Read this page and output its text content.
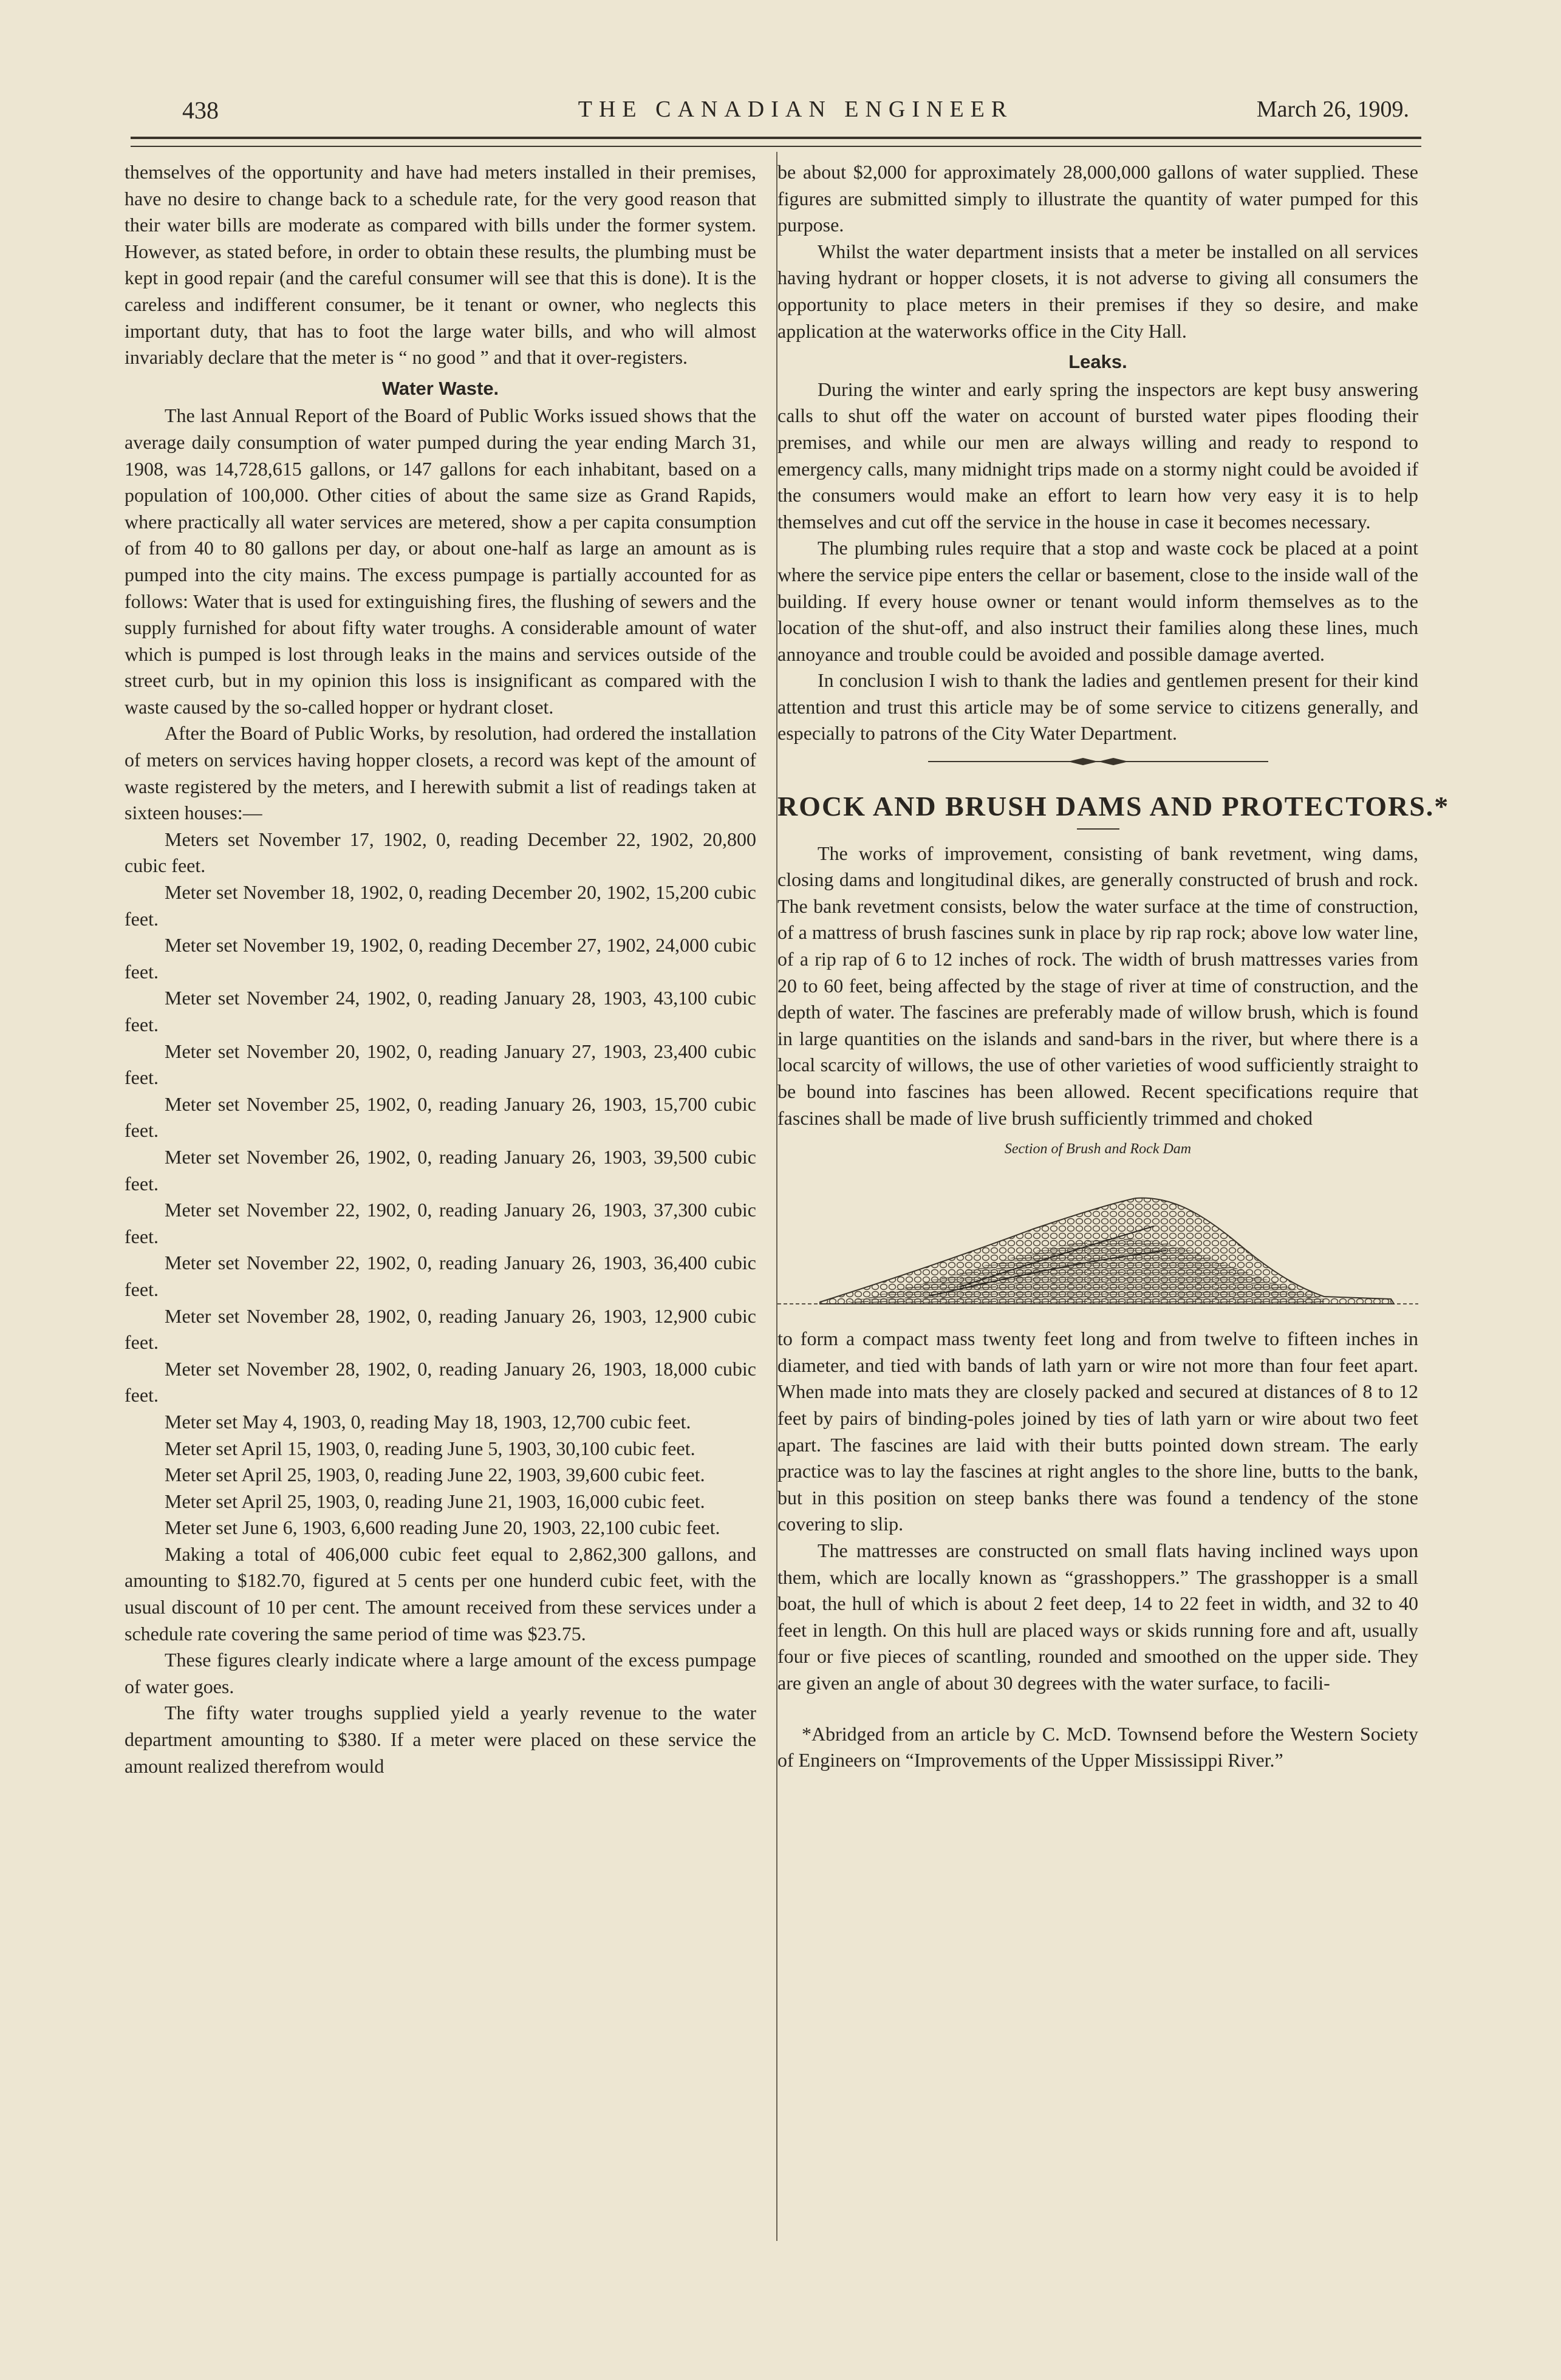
438	THE CANADIAN ENGINEER	March 26, 1909.

themselves of the opportunity and have had meters installed in their premises, have no desire to change back to a schedule rate, for the very good reason that their water bills are moderate as compared with bills under the former system. However, as stated before, in order to obtain these results, the plumbing must be kept in good repair (and the careful consumer will see that this is done). It is the careless and indifferent consumer, be it tenant or owner, who neglects this important duty, that has to foot the large water bills, and who will almost invariably declare that the meter is “ no good ” and that it over-registers.

Water Waste.

The last Annual Report of the Board of Public Works issued shows that the average daily consumption of water pumped during the year ending March 31, 1908, was 14,728,615 gallons, or 147 gallons for each inhabitant, based on a population of 100,000. Other cities of about the same size as Grand Rapids, where practically all water services are metered, show a per capita consumption of from 40 to 80 gallons per day, or about one-half as large an amount as is pumped into the city mains. The excess pumpage is partially accounted for as follows: Water that is used for extinguishing fires, the flushing of sewers and the supply furnished for about fifty water troughs. A considerable amount of water which is pumped is lost through leaks in the mains and services outside of the street curb, but in my opinion this loss is insignificant as compared with the waste caused by the so-called hopper or hydrant closet.

After the Board of Public Works, by resolution, had ordered the installation of meters on services having hopper closets, a record was kept of the amount of waste registered by the meters, and I herewith submit a list of readings taken at sixteen houses:—

Meters set November 17, 1902, 0, reading December 22, 1902, 20,800 cubic feet.

Meter set November 18, 1902, 0, reading December 20, 1902, 15,200 cubic feet.

Meter set November 19, 1902, 0, reading December 27, 1902, 24,000 cubic feet.

Meter set November 24, 1902, 0, reading January 28, 1903, 43,100 cubic feet.

Meter set November 20, 1902, 0, reading January 27, 1903, 23,400 cubic feet.

Meter set November 25, 1902, 0, reading January 26, 1903, 15,700 cubic feet.

Meter set November 26, 1902, 0, reading January 26, 1903, 39,500 cubic feet.

Meter set November 22, 1902, 0, reading January 26, 1903, 37,300 cubic feet.

Meter set November 22, 1902, 0, reading January 26, 1903, 36,400 cubic feet.

Meter set November 28, 1902, 0, reading January 26, 1903, 12,900 cubic feet.

Meter set November 28, 1902, 0, reading January 26, 1903, 18,000 cubic feet.

Meter set May 4, 1903, 0, reading May 18, 1903, 12,700 cubic feet.

Meter set April 15, 1903, 0, reading June 5, 1903, 30,100 cubic feet.

Meter set April 25, 1903, 0, reading June 22, 1903, 39,600 cubic feet.

Meter set April 25, 1903, 0, reading June 21, 1903, 16,000 cubic feet.

Meter set June 6, 1903, 6,600 reading June 20, 1903, 22,100 cubic feet.

Making a total of 406,000 cubic feet equal to 2,862,300 gallons, and amounting to $182.70, figured at 5 cents per one hunderd cubic feet, with the usual discount of 10 per cent. The amount received from these services under a schedule rate covering the same period of time was $23.75.

These figures clearly indicate where a large amount of the excess pumpage of water goes.

The fifty water troughs supplied yield a yearly revenue to the water department amounting to $380. If a meter were placed on these service the amount realized therefrom would

be about $2,000 for approximately 28,000,000 gallons of water supplied. These figures are submitted simply to illustrate the quantity of water pumped for this purpose.

Whilst the water department insists that a meter be installed on all services having hydrant or hopper closets, it is not adverse to giving all consumers the opportunity to place meters in their premises if they so desire, and make application at the waterworks office in the City Hall.

Leaks.

During the winter and early spring the inspectors are kept busy answering calls to shut off the water on account of bursted water pipes flooding their premises, and while our men are always willing and ready to respond to emergency calls, many midnight trips made on a stormy night could be avoided if the consumers would make an effort to learn how very easy it is to help themselves and cut off the service in the house in case it becomes necessary.

The plumbing rules require that a stop and waste cock be placed at a point where the service pipe enters the cellar or basement, close to the inside wall of the building. If every house owner or tenant would inform themselves as to the location of the shut-off, and also instruct their families along these lines, much annoyance and trouble could be avoided and possible damage averted.

In conclusion I wish to thank the ladies and gentlemen present for their kind attention and trust this article may be of some service to citizens generally, and especially to patrons of the City Water Department.

ROCK AND BRUSH DAMS AND PROTECTORS.*

The works of improvement, consisting of bank revetment, wing dams, closing dams and longitudinal dikes, are generally constructed of brush and rock. The bank revetment consists, below the water surface at the time of construction, of a mattress of brush fascines sunk in place by rip rap rock; above low water line, of a rip rap of 6 to 12 inches of rock. The width of brush mattresses varies from 20 to 60 feet, being affected by the stage of river at time of construction, and the depth of water. The fascines are preferably made of willow brush, which is found in large quantities on the islands and sand-bars in the river, but where there is a local scarcity of willows, the use of other varieties of wood sufficiently straight to be bound into fascines has been allowed. Recent specifications require that fascines shall be made of live brush sufficiently trimmed and choked

Section of Brush and Rock Dam

to form a compact mass twenty feet long and from twelve to fifteen inches in diameter, and tied with bands of lath yarn or wire not more than four feet apart. When made into mats they are closely packed and secured at distances of 8 to 12 feet by pairs of binding-poles joined by ties of lath yarn or wire about two feet apart. The fascines are laid with their butts pointed down stream. The early practice was to lay the fascines at right angles to the shore line, butts to the bank, but in this position on steep banks there was found a tendency of the stone covering to slip.

The mattresses are constructed on small flats having inclined ways upon them, which are locally known as “grasshoppers.” The grasshopper is a small boat, the hull of which is about 2 feet deep, 14 to 22 feet in width, and 32 to 40 feet in length. On this hull are placed ways or skids running fore and aft, usually four or five pieces of scantling, rounded and smoothed on the upper side. They are given an angle of about 30 degrees with the water surface, to facili-

*Abridged from an article by C. McD. Townsend before the Western Society of Engineers on “Improvements of the Upper Mississippi River.”
